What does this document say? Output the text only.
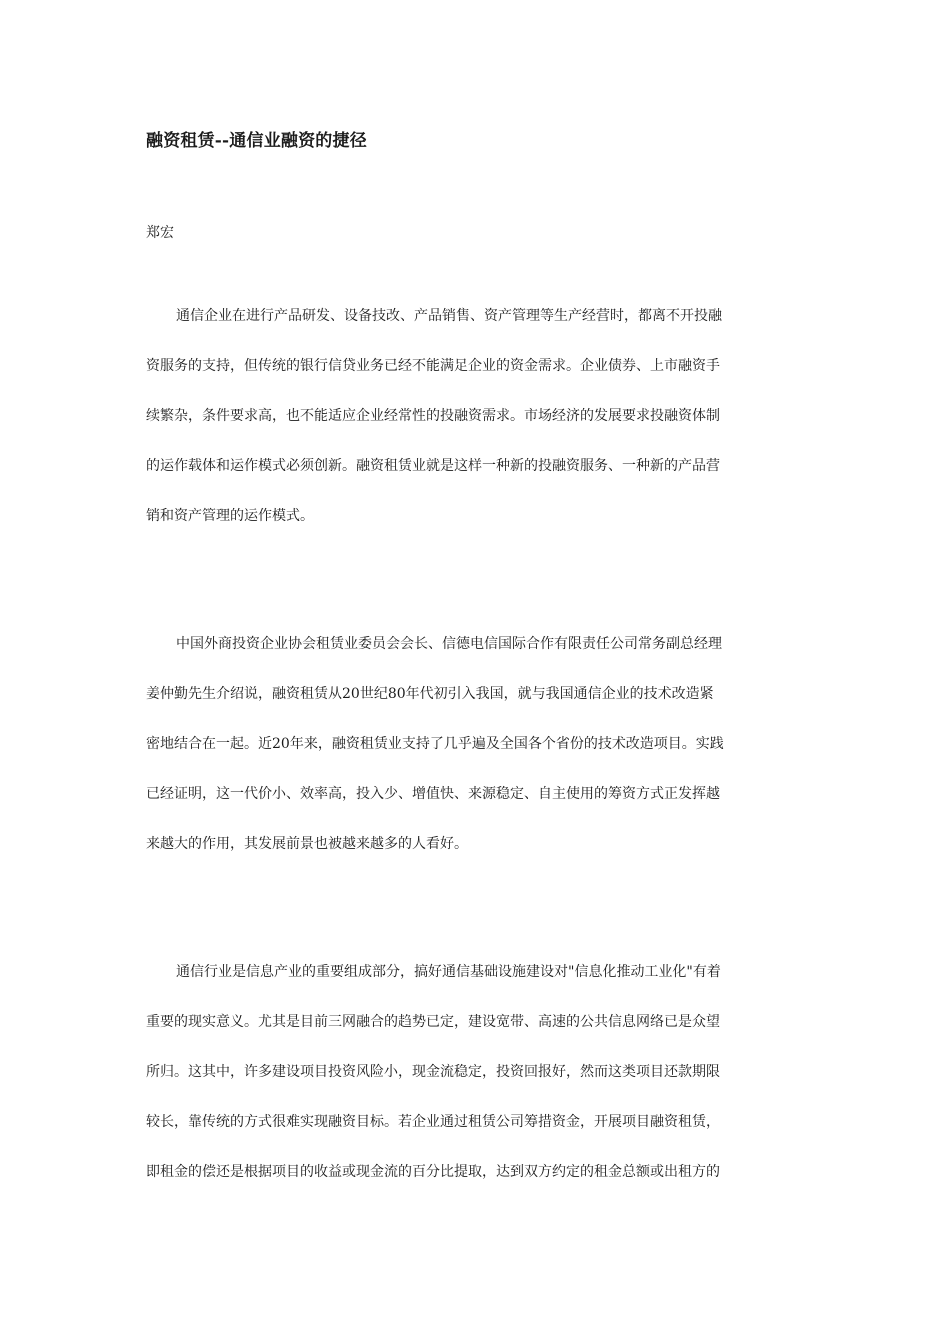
融资租赁--通信业融资的捷径
郑宏
通信企业在进行产品研发、设备技改、产品销售、资产管理等生产经营时，都离不开投融
资服务的支持，但传统的银行信贷业务已经不能满足企业的资金需求。企业债券、上市融资手
续繁杂，条件要求高，也不能适应企业经常性的投融资需求。市场经济的发展要求投融资体制
的运作载体和运作模式必须创新。融资租赁业就是这样一种新的投融资服务、一种新的产品营
销和资产管理的运作模式。
中国外商投资企业协会租赁业委员会会长、信德电信国际合作有限责任公司常务副总经理
姜仲勤先生介绍说，融资租赁从20世纪80年代初引入我国，就与我国通信企业的技术改造紧
密地结合在一起。近20年来，融资租赁业支持了几乎遍及全国各个省份的技术改造项目。实践
已经证明，这一代价小、效率高，投入少、增值快、来源稳定、自主使用的筹资方式正发挥越
来越大的作用，其发展前景也被越来越多的人看好。
通信行业是信息产业的重要组成部分，搞好通信基础设施建设对"信息化推动工业化"有着
重要的现实意义。尤其是目前三网融合的趋势已定，建设宽带、高速的公共信息网络已是众望
所归。这其中，许多建设项目投资风险小，现金流稳定，投资回报好，然而这类项目还款期限
较长，靠传统的方式很难实现融资目标。若企业通过租赁公司筹措资金，开展项目融资租赁，
即租金的偿还是根据项目的收益或现金流的百分比提取，达到双方约定的租金总额或出租方的
